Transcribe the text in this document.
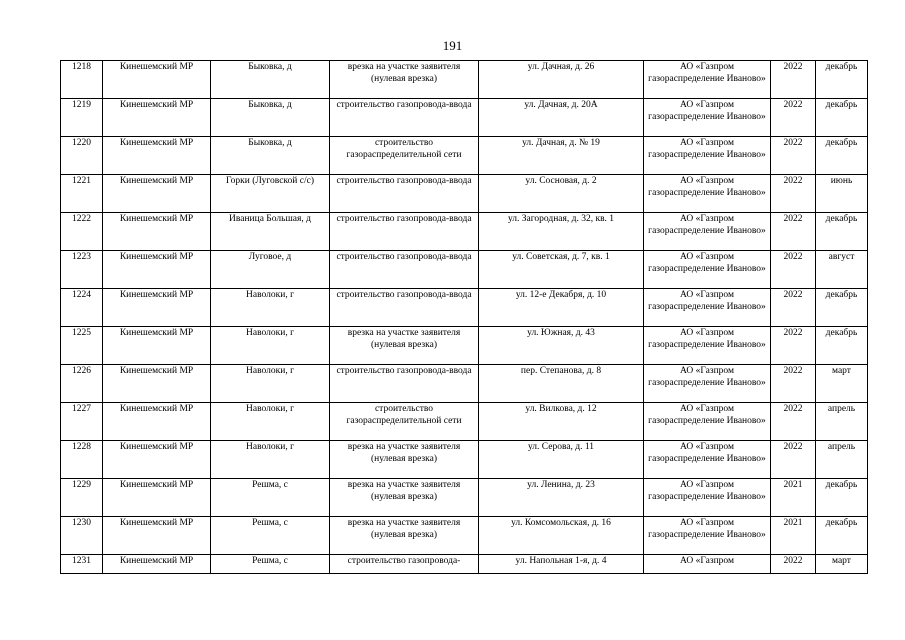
191
1218	Кинешемский МР	Быковка, д	врезка на участке заявителя (нулевая врезка)	ул. Дачная, д. 26	АО «Газпром газораспределение Иваново»	2022	декабрь
1219	Кинешемский МР	Быковка, д	строительство газопровода-ввода	ул. Дачная, д. 20А	АО «Газпром газораспределение Иваново»	2022	декабрь
1220	Кинешемский МР	Быковка, д	строительство газораспределительной сети	ул. Дачная, д. № 19	АО «Газпром газораспределение Иваново»	2022	декабрь
1221	Кинешемский МР	Горки (Луговской с/с)	строительство газопровода-ввода	ул. Сосновая, д. 2	АО «Газпром газораспределение Иваново»	2022	июнь
1222	Кинешемский МР	Иваница Большая, д	строительство газопровода-ввода	ул. Загородная, д. 32, кв. 1	АО «Газпром газораспределение Иваново»	2022	декабрь
1223	Кинешемский МР	Луговое, д	строительство газопровода-ввода	ул. Советская, д. 7, кв. 1	АО «Газпром газораспределение Иваново»	2022	август
1224	Кинешемский МР	Наволоки, г	строительство газопровода-ввода	ул. 12-е Декабря, д. 10	АО «Газпром газораспределение Иваново»	2022	декабрь
1225	Кинешемский МР	Наволоки, г	врезка на участке заявителя (нулевая врезка)	ул. Южная, д. 43	АО «Газпром газораспределение Иваново»	2022	декабрь
1226	Кинешемский МР	Наволоки, г	строительство газопровода-ввода	пер. Степанова, д. 8	АО «Газпром газораспределение Иваново»	2022	март
1227	Кинешемский МР	Наволоки, г	строительство газораспределительной сети	ул. Вилкова, д. 12	АО «Газпром газораспределение Иваново»	2022	апрель
1228	Кинешемский МР	Наволоки, г	врезка на участке заявителя (нулевая врезка)	ул. Серова, д. 11	АО «Газпром газораспределение Иваново»	2022	апрель
1229	Кинешемский МР	Решма, с	врезка на участке заявителя (нулевая врезка)	ул. Ленина, д. 23	АО «Газпром газораспределение Иваново»	2021	декабрь
1230	Кинешемский МР	Решма, с	врезка на участке заявителя (нулевая врезка)	ул. Комсомольская, д. 16	АО «Газпром газораспределение Иваново»	2021	декабрь
1231	Кинешемский МР	Решма, с	строительство газопровода-	ул. Напольная 1-я, д. 4	АО «Газпром	2022	март
